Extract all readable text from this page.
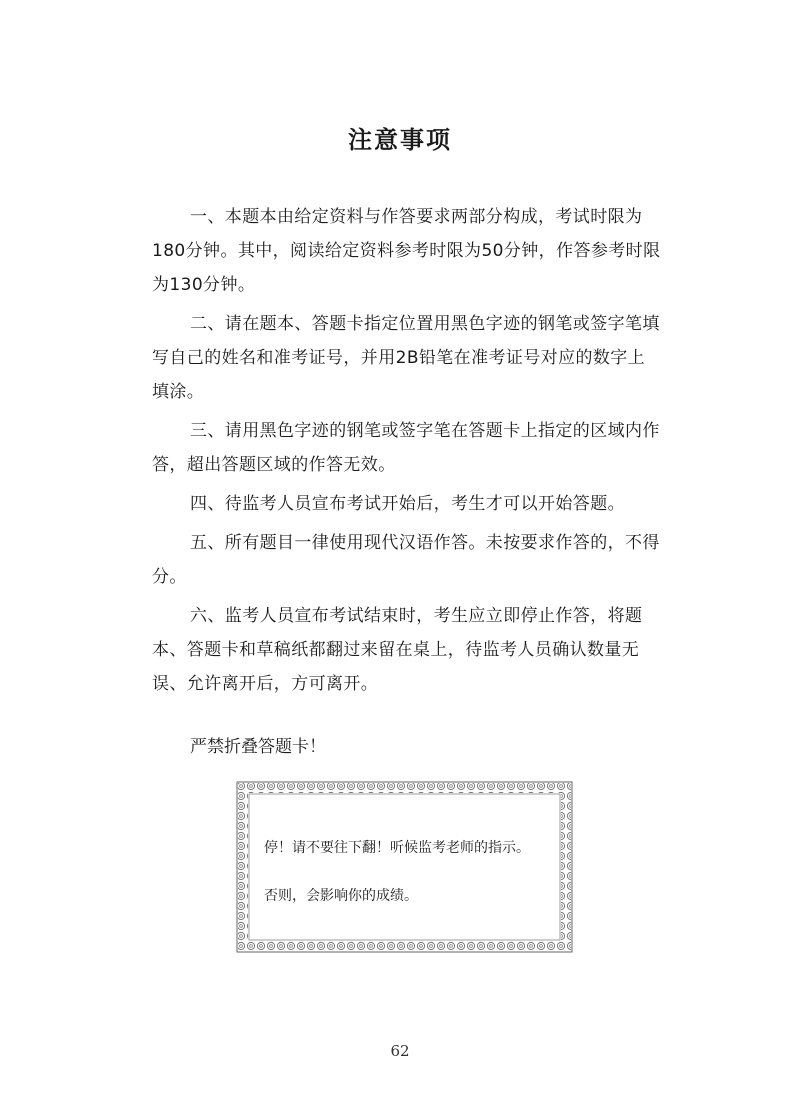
注意事项

一、本题本由给定资料与作答要求两部分构成，考试时限为180分钟。其中，阅读给定资料参考时限为50分钟，作答参考时限为130分钟。

二、请在题本、答题卡指定位置用黑色字迹的钢笔或签字笔填写自己的姓名和准考证号，并用2B铅笔在准考证号对应的数字上填涂。

三、请用黑色字迹的钢笔或签字笔在答题卡上指定的区域内作答，超出答题区域的作答无效。

四、待监考人员宣布考试开始后，考生才可以开始答题。

五、所有题目一律使用现代汉语作答。未按要求作答的，不得分。

六、监考人员宣布考试结束时，考生应立即停止作答，将题本、答题卡和草稿纸都翻过来留在桌上，待监考人员确认数量无误、允许离开后，方可离开。

严禁折叠答题卡！
停！请不要往下翻！听候监考老师的指示。
否则，会影响你的成绩。
62
